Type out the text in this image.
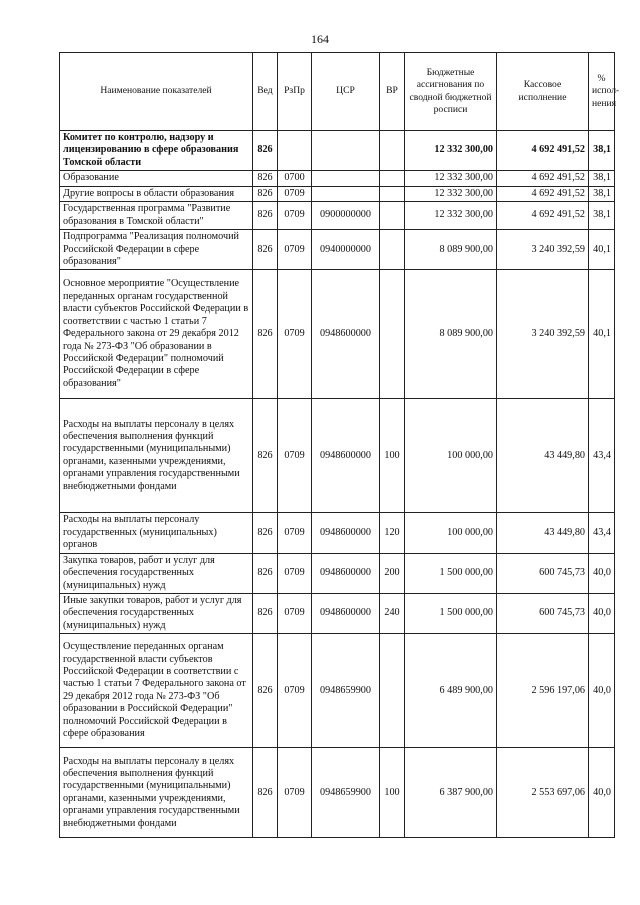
164
Наименование показателей	Вед	РзПр	ЦСР	ВР	Бюджетные ассигнования по сводной бюджетной росписи	Кассовое исполнение	% испол-нения
Комитет по контролю, надзору и лицензированию в сфере образования Томской области	826				12 332 300,00	4 692 491,52	38,1
Образование	826	0700			12 332 300,00	4 692 491,52	38,1
Другие вопросы в области образования	826	0709			12 332 300,00	4 692 491,52	38,1
Государственная программа "Развитие образования в Томской области"	826	0709	0900000000		12 332 300,00	4 692 491,52	38,1
Подпрограмма "Реализация полномочий Российской Федерации в сфере образования"	826	0709	0940000000		8 089 900,00	3 240 392,59	40,1
Основное мероприятие "Осуществление переданных органам государственной власти субъектов Российской Федерации в соответствии с частью 1 статьи 7 Федерального закона от 29 декабря 2012 года № 273-ФЗ "Об образовании в Российской Федерации" полномочий Российской Федерации в сфере образования"	826	0709	0948600000		8 089 900,00	3 240 392,59	40,1
Расходы на выплаты персоналу в целях обеспечения выполнения функций государственными (муниципальными) органами, казенными учреждениями, органами управления государственными внебюджетными фондами	826	0709	0948600000	100	100 000,00	43 449,80	43,4
Расходы на выплаты персоналу государственных (муниципальных) органов	826	0709	0948600000	120	100 000,00	43 449,80	43,4
Закупка товаров, работ и услуг для обеспечения государственных (муниципальных) нужд	826	0709	0948600000	200	1 500 000,00	600 745,73	40,0
Иные закупки товаров, работ и услуг для обеспечения государственных (муниципальных) нужд	826	0709	0948600000	240	1 500 000,00	600 745,73	40,0
Осуществление переданных органам государственной власти субъектов Российской Федерации в соответствии с частью 1 статьи 7 Федерального закона от 29 декабря 2012 года № 273-ФЗ "Об образовании в Российской Федерации" полномочий Российской Федерации в сфере образования	826	0709	0948659900		6 489 900,00	2 596 197,06	40,0
Расходы на выплаты персоналу в целях обеспечения выполнения функций государственными (муниципальными) органами, казенными учреждениями, органами управления государственными внебюджетными фондами	826	0709	0948659900	100	6 387 900,00	2 553 697,06	40,0
